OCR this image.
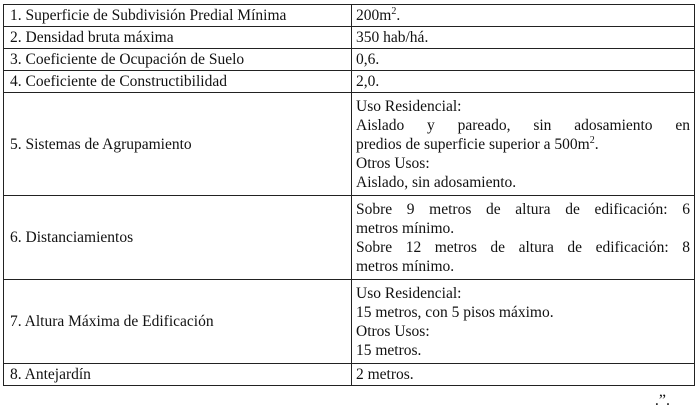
1. Superficie de Subdivisión Predial Mínima	$200m^2$.
2. Densidad bruta máxima	350 hab/há.
3. Coeficiente de Ocupación de Suelo	0,6.
4. Coeficiente de Constructibilidad	2,0.
5. Sistemas de Agrupamiento	Uso Residencial:
Aislado y pareado, sin adosamiento en
predios de superficie superior a $500m^2$.
Otros Usos:
Aislado, sin adosamiento.

6. Distanciamientos	Sobre 9 metros de altura de edificación: 6
metros mínimo.
Sobre 12 metros de altura de edificación: 8
metros mínimo.

7. Altura Máxima de Edificación	Uso Residencial:
15 metros, con 5 pisos máximo.
Otros Usos:
15 metros.

8. Antejardín	2 metros.
.”.
